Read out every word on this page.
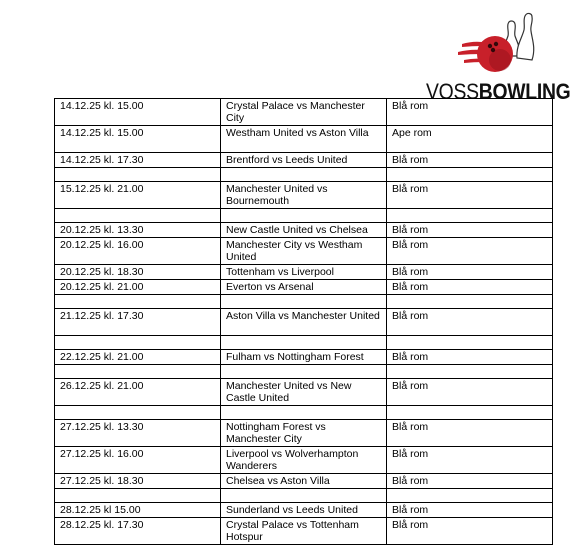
VOSSBOWLING
14.12.25 kl. 15.00	Crystal Palace vs Manchester City	Blå rom
14.12.25 kl. 15.00	Westham United vs Aston Villa	Ape rom
14.12.25 kl. 17.30	Brentford vs Leeds United	Blå rom

15.12.25 kl. 21.00	Manchester United vs Bournemouth	Blå rom

20.12.25 kl. 13.30	New Castle United vs Chelsea	Blå rom
20.12.25 kl. 16.00	Manchester City vs Westham United	Blå rom
20.12.25 kl. 18.30	Tottenham vs Liverpool	Blå rom
20.12.25 kl. 21.00	Everton vs Arsenal	Blå rom

21.12.25 kl. 17.30	Aston Villa vs Manchester United	Blå rom

22.12.25 kl. 21.00	Fulham vs Nottingham Forest	Blå rom

26.12.25 kl. 21.00	Manchester United vs New Castle United	Blå rom

27.12.25 kl. 13.30	Nottingham Forest vs Manchester City	Blå rom
27.12.25 kl. 16.00	Liverpool vs Wolverhampton Wanderers	Blå rom
27.12.25 kl. 18.30	Chelsea vs Aston Villa	Blå rom

28.12.25 kl 15.00	Sunderland vs Leeds United	Blå rom
28.12.25 kl. 17.30	Crystal Palace vs Tottenham Hotspur	Blå rom
